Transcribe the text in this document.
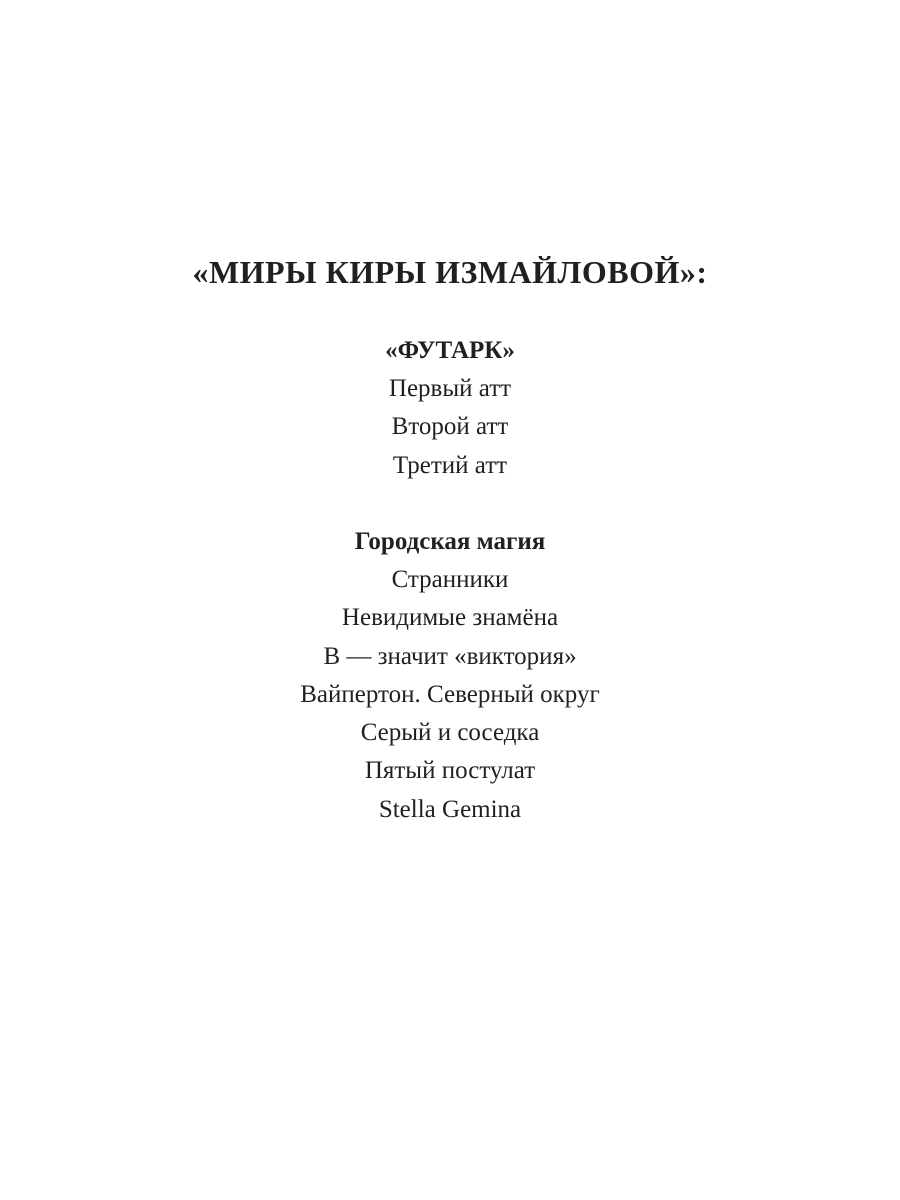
«МИРЫ КИРЫ ИЗМАЙЛОВОЙ»:
«ФУТАРК»
Первый атт
Второй атт
Третий атт
Городская магия
Странники
Невидимые знамёна
В — значит «виктория»
Вайпертон. Северный округ
Серый и соседка
Пятый постулат
Stella Gemina
